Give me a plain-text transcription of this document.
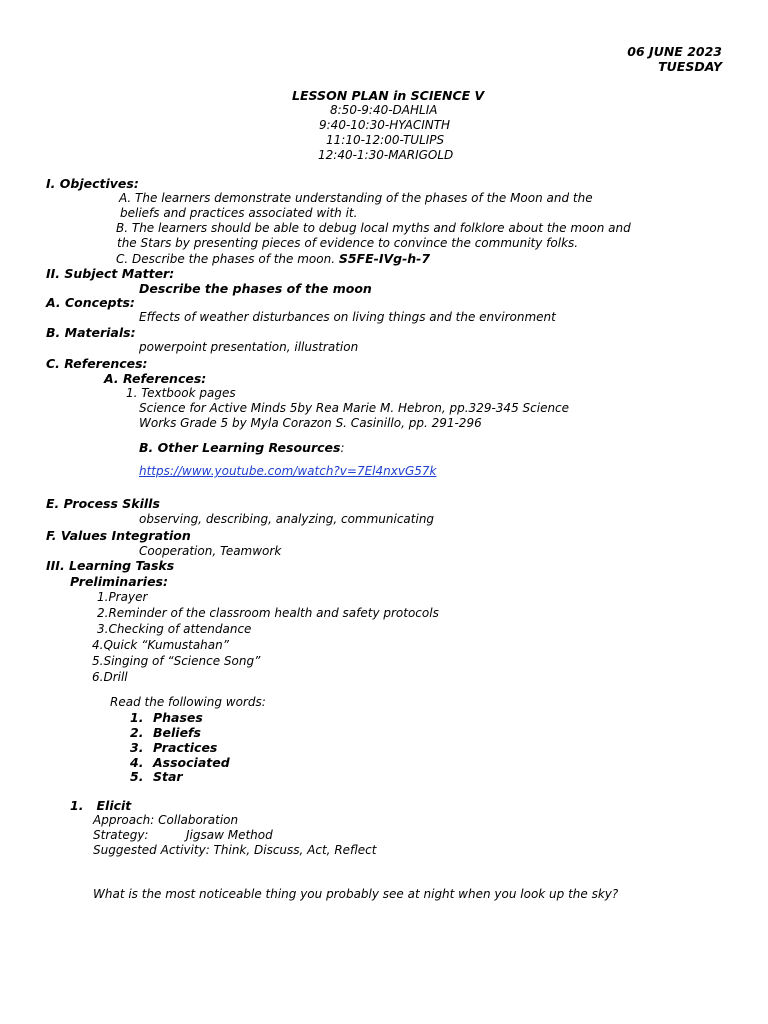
06 JUNE 2023
TUESDAY
LESSON PLAN in SCIENCE V
8:50-9:40-DAHLIA
9:40-10:30-HYACINTH
11:10-12:00-TULIPS
12:40-1:30-MARIGOLD
I. Objectives:
A. The learners demonstrate understanding of the phases of the Moon and the
beliefs and practices associated with it.
B. The learners should be able to debug local myths and folklore about the moon and
the Stars by presenting pieces of evidence to convince the community folks.
C. Describe the phases of the moon. S5FE-IVg-h-7
II. Subject Matter:
Describe the phases of the moon
A. Concepts:
Effects of weather disturbances on living things and the environment
B. Materials:
powerpoint presentation, illustration
C. References:
A. References:
1. Textbook pages
Science for Active Minds 5by Rea Marie M. Hebron, pp.329-345 Science
Works Grade 5 by Myla Corazon S. Casinillo, pp. 291-296
B. Other Learning Resources:
https://www.youtube.com/watch?v=7El4nxvG57k
E. Process Skills
observing, describing, analyzing, communicating
F. Values Integration
Cooperation, Teamwork
III. Learning Tasks
Preliminaries:
1.Prayer
2.Reminder of the classroom health and safety protocols
3.Checking of attendance
4.Quick “Kumustahan”
5.Singing of “Science Song”
6.Drill
Read the following words:
1. Phases
2. Beliefs
3. Practices
4. Associated
5. Star
1.   Elicit
Approach: Collaboration
Strategy:	Jigsaw Method
Suggested Activity: Think, Discuss, Act, Reflect
What is the most noticeable thing you probably see at night when you look up the sky?
